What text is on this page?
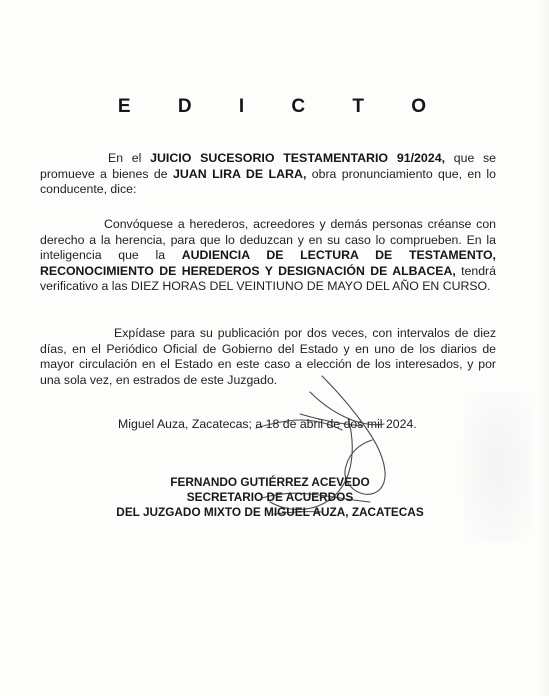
E D I C T O
En el JUICIO SUCESORIO TESTAMENTARIO 91/2024, que se promueve a bienes de JUAN LIRA DE LARA, obra pronunciamiento que, en lo conducente, dice:
Convóquese a herederos, acreedores y demás personas créanse con derecho a la herencia, para que lo deduzcan y en su caso lo comprueben. En la inteligencia que la AUDIENCIA DE LECTURA DE TESTAMENTO, RECONOCIMIENTO DE HEREDEROS Y DESIGNACIÓN DE ALBACEA, tendrá verificativo a las DIEZ HORAS DEL VEINTIUNO DE MAYO DEL AÑO EN CURSO.
Expídase para su publicación por dos veces, con intervalos de diez días, en el Periódico Oficial de Gobierno del Estado y en uno de los diarios de mayor circulación en el Estado en este caso a elección de los interesados, y por una sola vez, en estrados de este Juzgado.
Miguel Auza, Zacatecas; a 18 de abril de dos mil 2024.
FERNANDO GUTIÉRREZ ACEVEDO
SECRETARIO DE ACUERDOS
DEL JUZGADO MIXTO DE MIGUEL AUZA, ZACATECAS
